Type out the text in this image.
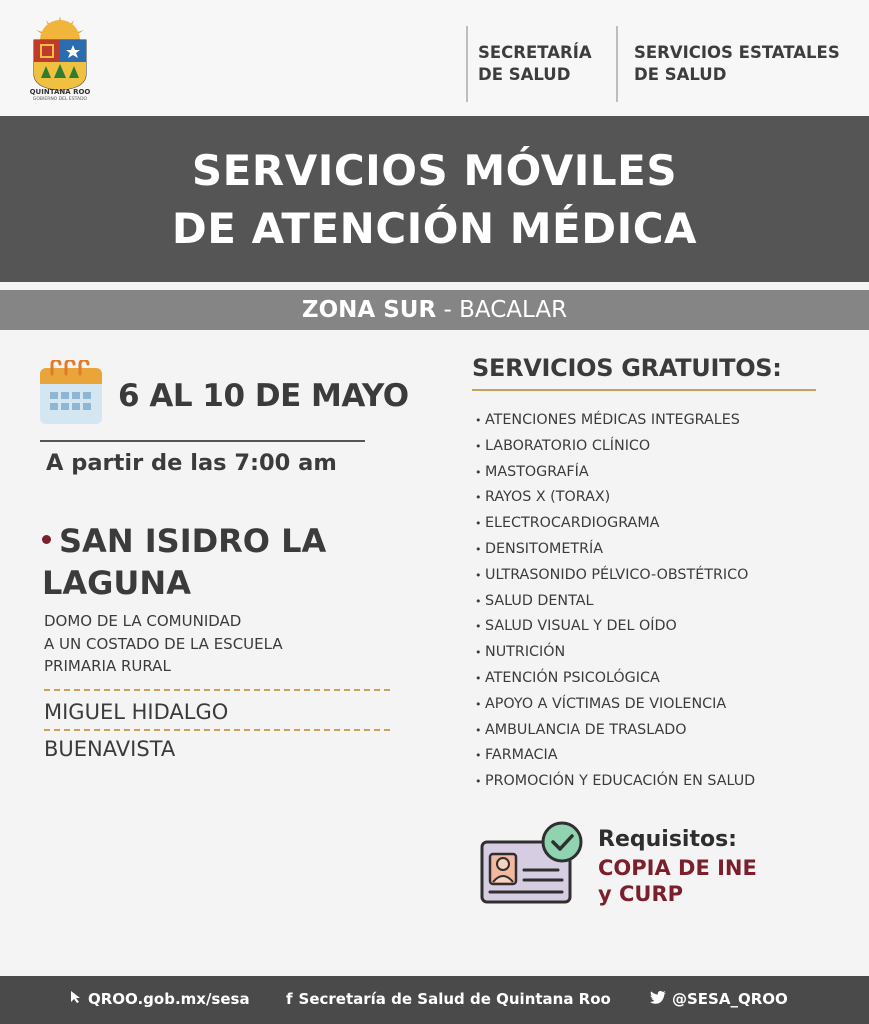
QUINTANA ROO
GOBIERNO DEL ESTADO
SECRETARÍA
DE SALUD
SERVICIOS ESTATALES
DE SALUD
SERVICIOS MÓVILES
DE ATENCIÓN MÉDICA
ZONA SUR - BACALAR
6 AL 10 DE MAYO
A partir de las 7:00 am
SAN ISIDRO LA
LAGUNA
DOMO DE LA COMUNIDAD
A UN COSTADO DE LA ESCUELA
PRIMARIA RURAL
MIGUEL HIDALGO
BUENAVISTA
SERVICIOS GRATUITOS:
• ATENCIONES MÉDICAS INTEGRALES
• LABORATORIO CLÍNICO
• MASTOGRAFÍA
• RAYOS X (TORAX)
• ELECTROCARDIOGRAMA
• DENSITOMETRÍA
• ULTRASONIDO PÉLVICO-OBSTÉTRICO
• SALUD DENTAL
• SALUD VISUAL Y DEL OÍDO
• NUTRICIÓN
• ATENCIÓN PSICOLÓGICA
• APOYO A VÍCTIMAS DE VIOLENCIA
• AMBULANCIA DE TRASLADO
• FARMACIA
• PROMOCIÓN Y EDUCACIÓN EN SALUD
Requisitos:
COPIA DE INE
y CURP
QROO.gob.mx/sesa f Secretaría de Salud de Quintana Roo	@SESA_QROO
